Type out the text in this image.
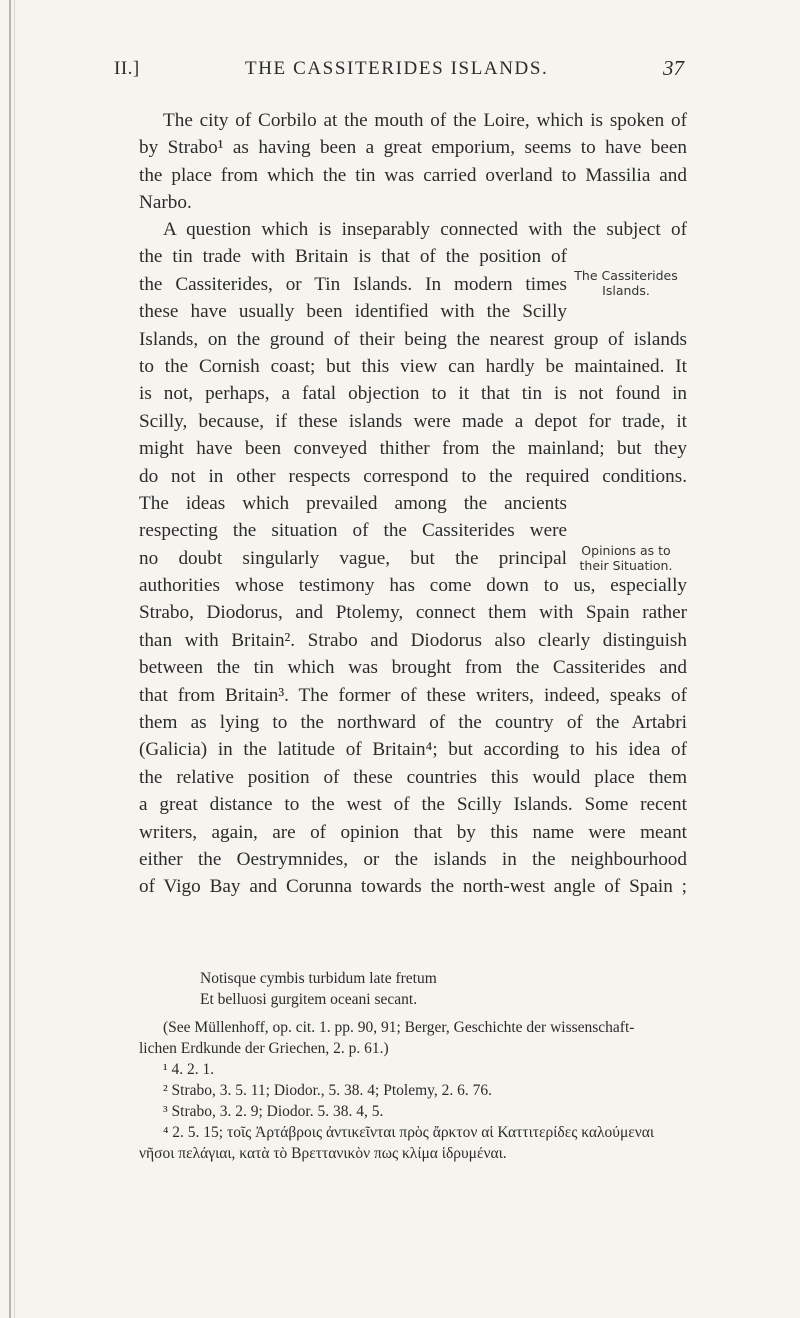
II.]	THE CASSITERIDES ISLANDS.	37
The city of Corbilo at the mouth of the Loire, which is spoken of
by Strabo¹ as having been a great emporium, seems to have been
the place from which the tin was carried overland to Massilia and
Narbo.
A question which is inseparably connected with the subject of
the tin trade with Britain is that of the position of
the Cassiterides, or Tin Islands. In modern times
these have usually been identified with the Scilly
Islands, on the ground of their being the nearest group of islands
to the Cornish coast; but this view can hardly be maintained. It
is not, perhaps, a fatal objection to it that tin is not found in
Scilly, because, if these islands were made a depot for trade, it
might have been conveyed thither from the mainland; but they
do not in other respects correspond to the required conditions.
The ideas which prevailed among the ancients
respecting the situation of the Cassiterides were
no doubt singularly vague, but the principal
authorities whose testimony has come down to us, especially
Strabo, Diodorus, and Ptolemy, connect them with Spain rather
than with Britain². Strabo and Diodorus also clearly distinguish
between the tin which was brought from the Cassiterides and
that from Britain³. The former of these writers, indeed, speaks of
them as lying to the northward of the country of the Artabri
(Galicia) in the latitude of Britain⁴; but according to his idea of
the relative position of these countries this would place them
a great distance to the west of the Scilly Islands. Some recent
writers, again, are of opinion that by this name were meant
either the Oestrymnides, or the islands in the neighbourhood
of Vigo Bay and Corunna towards the north-west angle of Spain ;
The Cassiterides Islands.
Opinions as to their Situation.
Notisque cymbis turbidum late fretum
Et belluosi gurgitem oceani secant.
(See Müllenhoff, op. cit. 1. pp. 90, 91; Berger, Geschichte der wissenschaft-
lichen Erdkunde der Griechen, 2. p. 61.)
¹ 4. 2. 1.
² Strabo, 3. 5. 11; Diodor., 5. 38. 4; Ptolemy, 2. 6. 76.
³ Strabo, 3. 2. 9; Diodor. 5. 38. 4, 5.
⁴ 2. 5. 15; τοῖς Ἀρτάβροις ἀντικεῖνται πρὸς ἄρκτον αἱ Καττιτερίδες καλούμεναι
νῆσοι πελάγιαι, κατὰ τὸ Βρεττανικὸν πως κλίμα ἱδρυμέναι.
